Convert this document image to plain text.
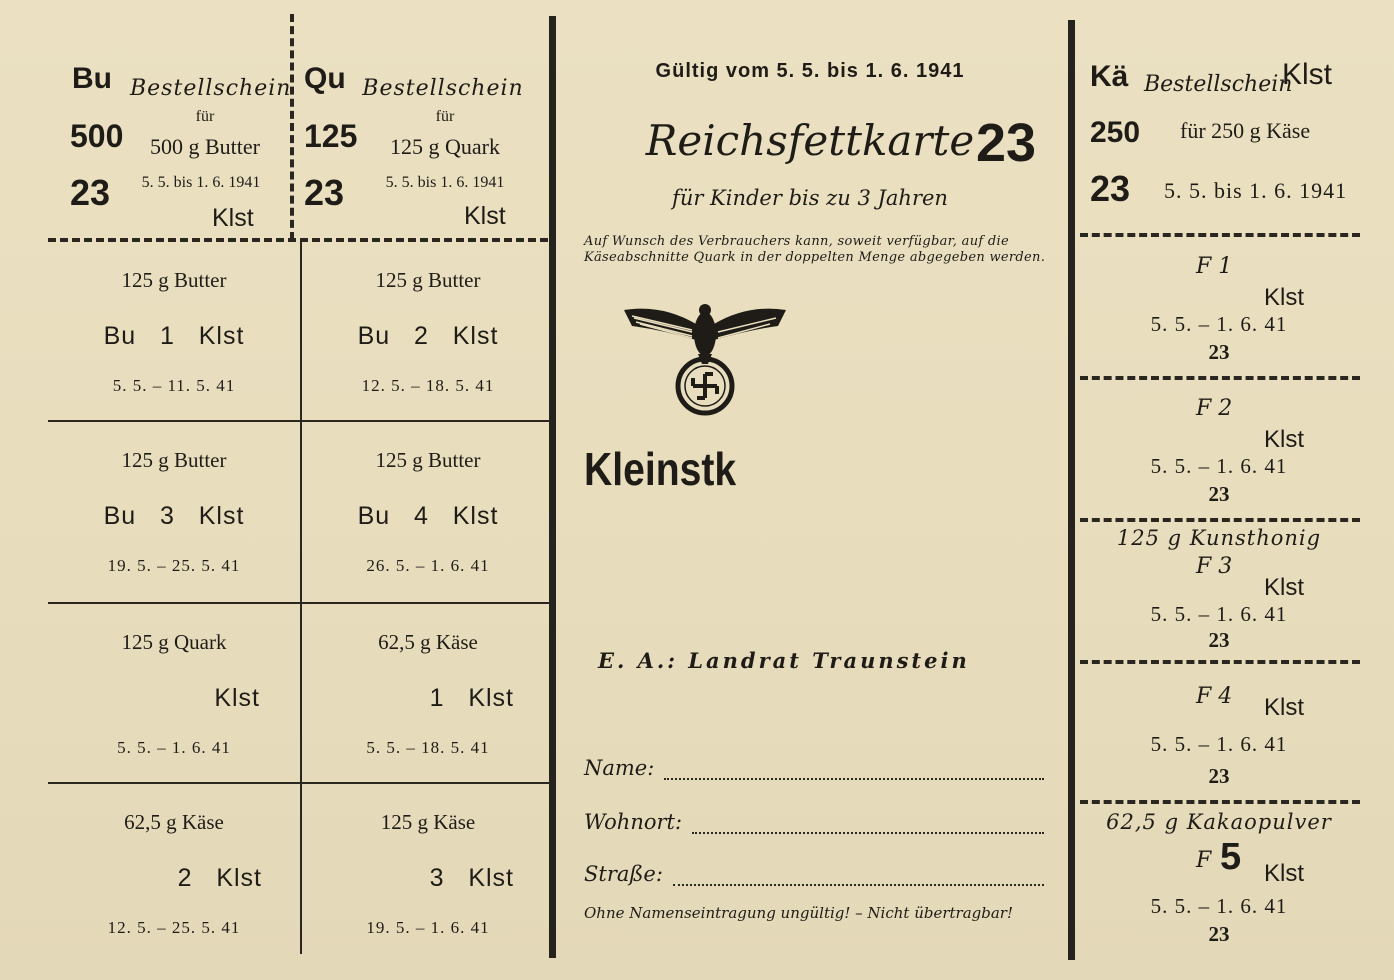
Bu
500
23
Bestellschein
für
500 g Butter
5. 5. bis 1. 6. 1941
Klst
Qu
125
23
Bestellschein
für
125 g Quark
5. 5. bis 1. 6. 1941
Klst
125 g Butter
Bu   1   Klst
5. 5. – 11. 5. 41
125 g Butter
Bu   2   Klst
12. 5. – 18. 5. 41
125 g Butter
Bu   3   Klst
19. 5. – 25. 5. 41
125 g Butter
Bu   4   Klst
26. 5. – 1. 6. 41
125 g Quark
Klst
5. 5. – 1. 6. 41
62,5 g Käse
1   Klst
5. 5. – 18. 5. 41
62,5 g Käse
2   Klst
12. 5. – 25. 5. 41
125 g Käse
3   Klst
19. 5. – 1. 6. 41
Gültig vom 5. 5. bis 1. 6. 1941
Reichsfettkarte 23
für Kinder bis zu 3 Jahren
Auf Wunsch des Verbrauchers kann, soweit verfügbar, auf die
Käseabschnitte Quark in der doppelten Menge abgegeben werden.
Kleinstk
E. A.: Landrat Traunstein
Name:
Wohnort:
Straße:
Ohne Namenseintragung ungültig! – Nicht übertragbar!
Kä
250
23
Bestellschein
Klst
für 250 g Käse
5. 5. bis 1. 6. 1941
F 1
Klst
5. 5. – 1. 6. 41
23
F 2
Klst
5. 5. – 1. 6. 41
23
125 g Kunsthonig
F 3
Klst
5. 5. – 1. 6. 41
23
F 4 Klst
5. 5. – 1. 6. 41
23
62,5 g Kakaopulver
F 5 Klst
5. 5. – 1. 6. 41
23
